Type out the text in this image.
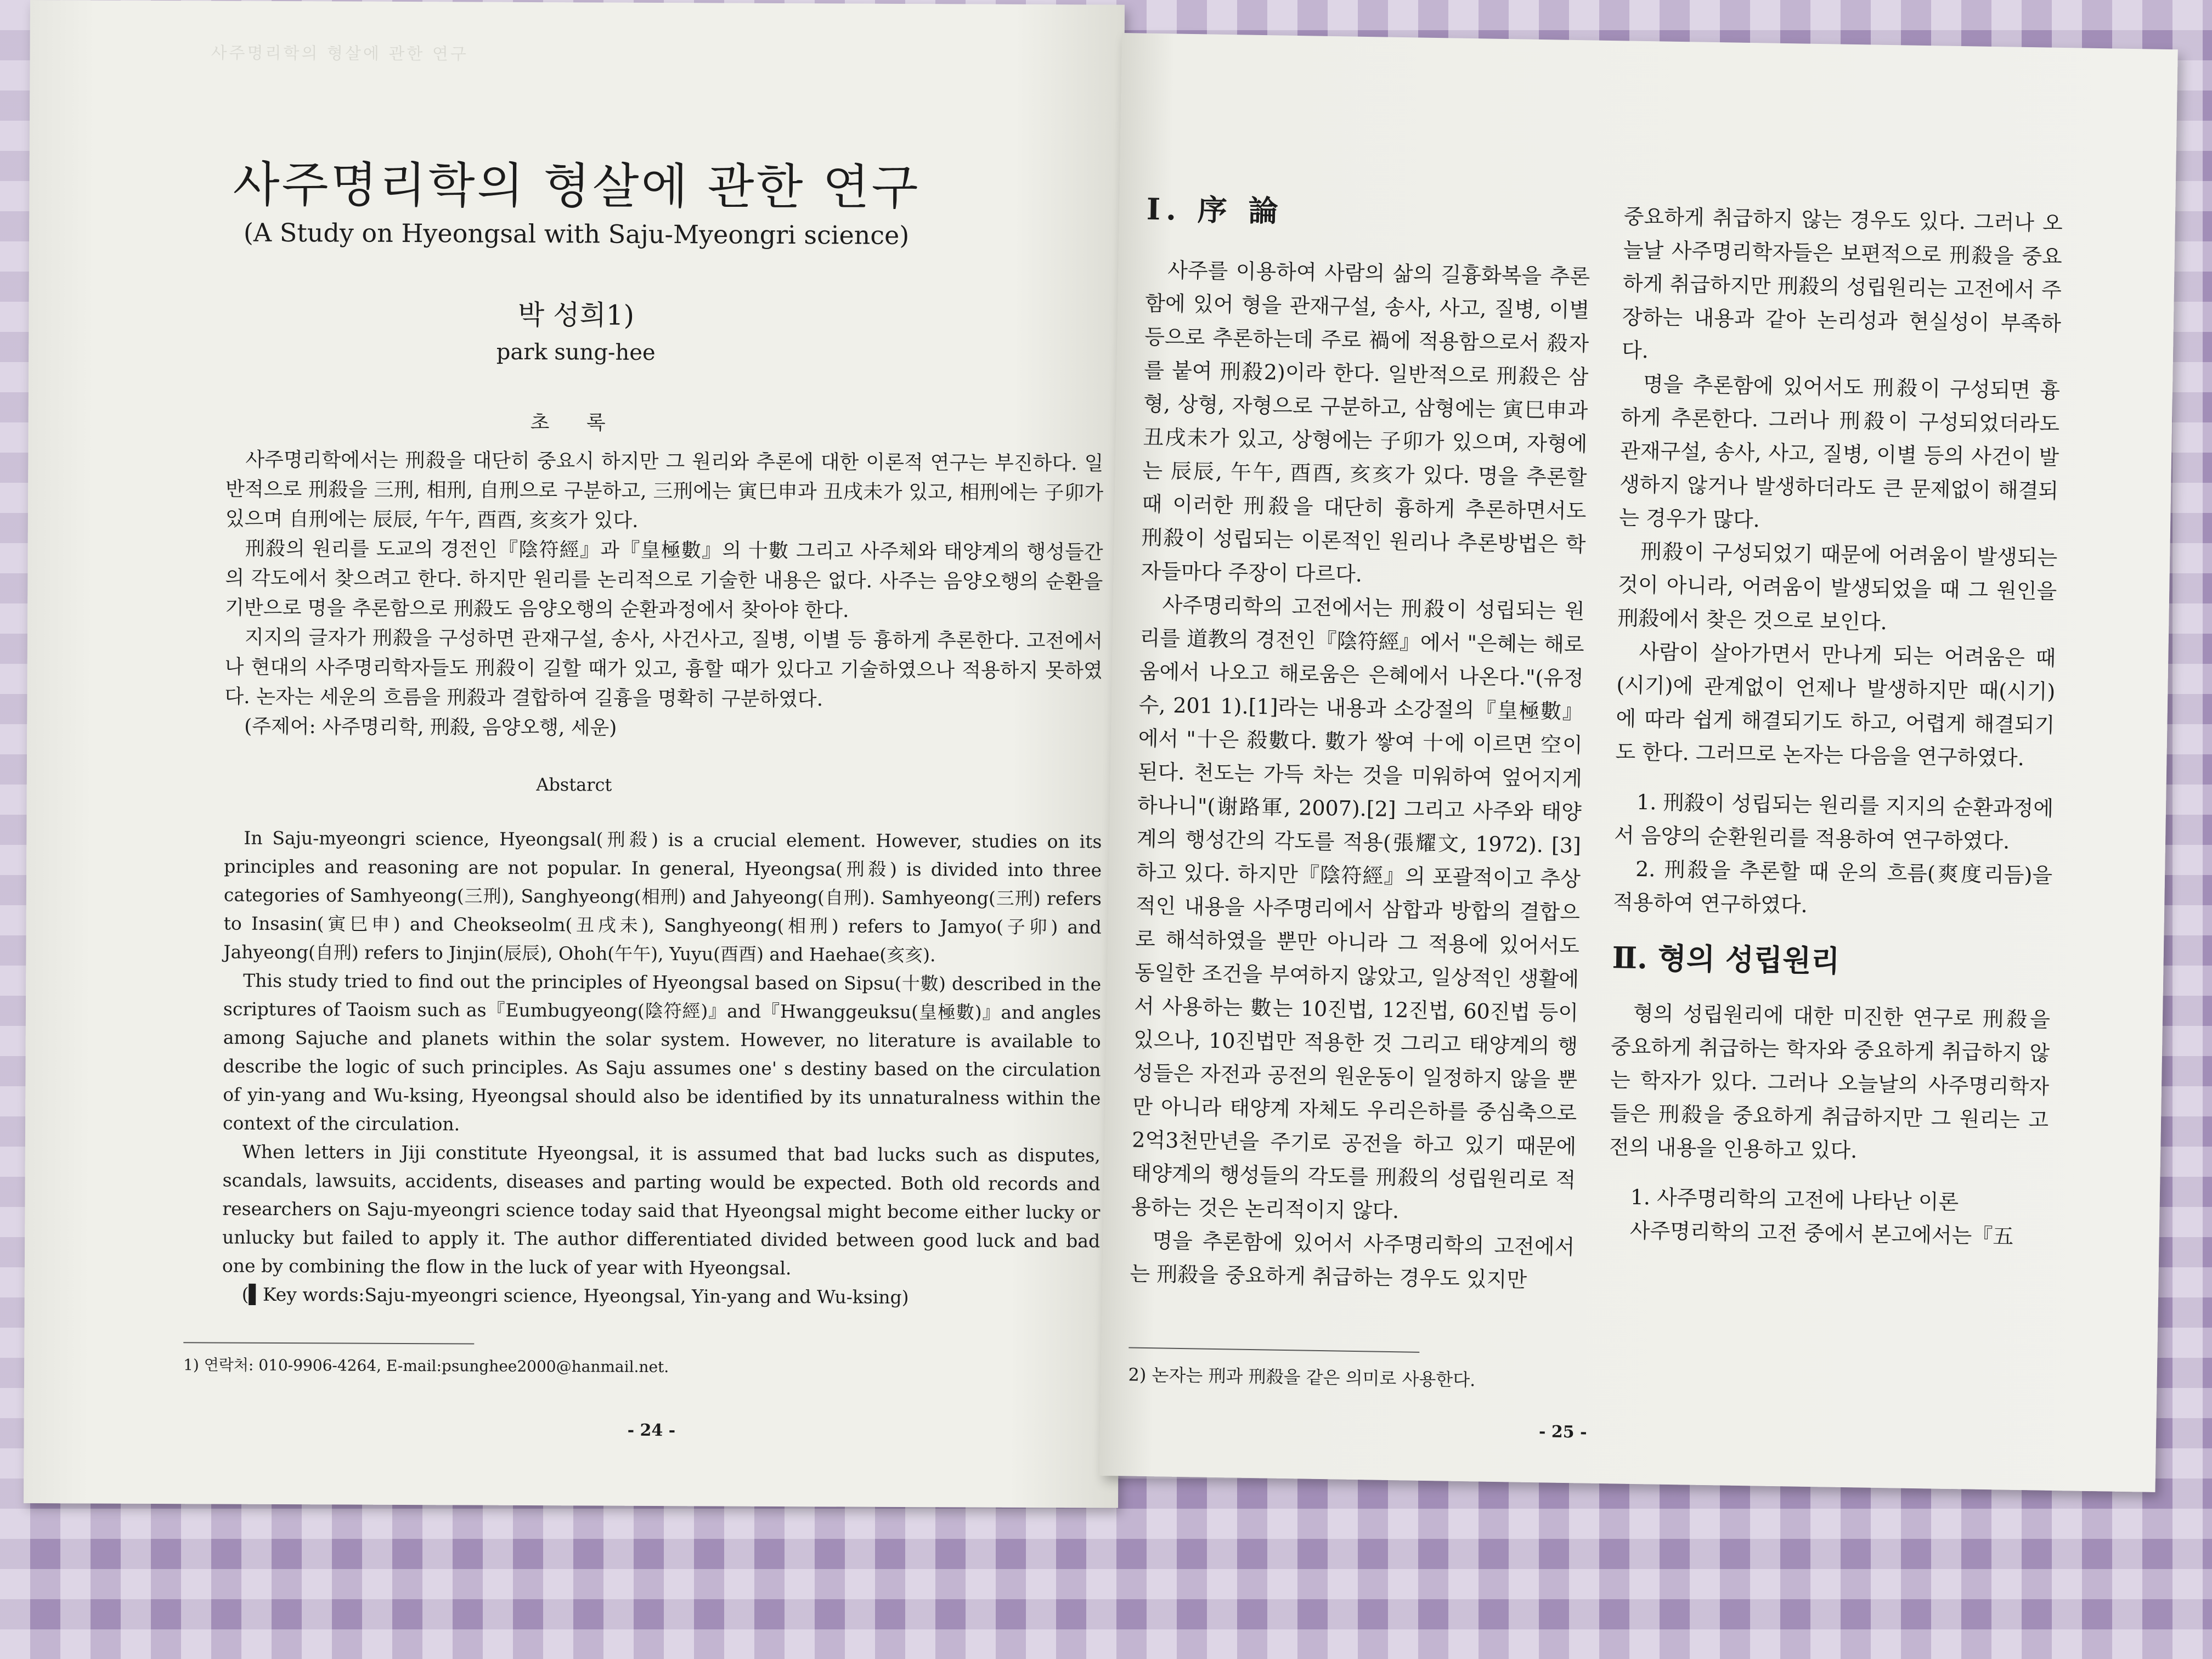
사주명리학의 형살에 관한 연구
사주명리학의 형살에 관한 연구
(A Study on Hyeongsal with Saju-Myeongri science)
박 성희1)
park sung-hee
초 록

사주명리학에서는 刑殺을 대단히 중요시 하지만 그 원리와 추론에 대한 이론적 연구는 부진하다. 일반적으로 刑殺을 三刑, 相刑, 自刑으로 구분하고, 三刑에는 寅巳申과 丑戌未가 있고, 相刑에는 子卯가 있으며 自刑에는 辰辰, 午午, 酉酉, 亥亥가 있다.

刑殺의 원리를 도교의 경전인『陰符經』과『皇極數』의 十數 그리고 사주체와 태양계의 행성들간의 각도에서 찾으려고 한다. 하지만 원리를 논리적으로 기술한 내용은 없다. 사주는 음양오행의 순환을 기반으로 명을 추론함으로 刑殺도 음양오행의 순환과정에서 찾아야 한다.

지지의 글자가 刑殺을 구성하면 관재구설, 송사, 사건사고, 질병, 이별 등 흉하게 추론한다. 고전에서나 현대의 사주명리학자들도 刑殺이 길할 때가 있고, 흉할 때가 있다고 기술하였으나 적용하지 못하였다. 논자는 세운의 흐름을 刑殺과 결합하여 길흉을 명확히 구분하였다.

(주제어: 사주명리학, 刑殺, 음양오행, 세운)

Abstarct

In Saju-myeongri science, Hyeongsal(刑殺) is a crucial element. However, studies on its principles and reasoning are not popular. In general, Hyeongsa(刑殺) is divided into three categories of Samhyeong(三刑), Sanghyeong(相刑) and Jahyeong(自刑). Samhyeong(三刑) refers to Insasin(寅巳申) and Cheokseolm(丑戌未), Sanghyeong(相刑) refers to Jamyo(子卯) and Jahyeong(自刑) refers to Jinjin(辰辰), Ohoh(午午), Yuyu(酉酉) and Haehae(亥亥).

This study tried to find out the principles of Hyeongsal based on Sipsu(十數) described in the scriptures of Taoism such as『Eumbugyeong(陰符經)』and『Hwanggeuksu(皇極數)』and angles among Sajuche and planets within the solar system. However, no literature is available to describe the logic of such principles. As Saju assumes one' s destiny based on the circulation of yin-yang and Wu-ksing, Hyeongsal should also be identified by its unnaturalness within the context of the circulation.

When letters in Jiji constitute Hyeongsal, it is assumed that bad lucks such as disputes, scandals, lawsuits, accidents, diseases and parting would be expected. Both old records and researchers on Saju-myeongri science today said that Hyeongsal might become either lucky or unlucky but failed to apply it. The author differentiated divided between good luck and bad one by combining the flow in the luck of year with Hyeongsal.

(▌Key words:Saju-myeongri science, Hyeongsal, Yin-yang and Wu-ksing)

1) 연락처: 010-9906-4264, E-mail:psunghee2000@hanmail.net.
- 24 -
Ⅰ. 序 論

사주를 이용하여 사람의 삶의 길흉화복을 추론함에 있어 형을 관재구설, 송사, 사고, 질병, 이별 등으로 추론하는데 주로 禍에 적용함으로서 殺자를 붙여 刑殺2)이라 한다. 일반적으로 刑殺은 삼형, 상형, 자형으로 구분하고, 삼형에는 寅巳申과 丑戌未가 있고, 상형에는 子卯가 있으며, 자형에는 辰辰, 午午, 酉酉, 亥亥가 있다. 명을 추론할 때 이러한 刑殺을 대단히 흉하게 추론하면서도 刑殺이 성립되는 이론적인 원리나 추론방법은 학자들마다 주장이 다르다.

사주명리학의 고전에서는 刑殺이 성립되는 원리를 道教의 경전인『陰符經』에서 "은혜는 해로움에서 나오고 해로움은 은혜에서 나온다."(유정수, 201 1).[1]라는 내용과 소강절의『皇極數』에서 "十은 殺數다. 數가 쌓여 十에 이르면 空이 된다. 천도는 가득 차는 것을 미워하여 엎어지게 하나니"(谢路軍, 2007).[2] 그리고 사주와 태양계의 행성간의 각도를 적용(張耀文, 1972). [3]하고 있다. 하지만『陰符經』의 포괄적이고 추상적인 내용을 사주명리에서 삼합과 방합의 결합으로 해석하였을 뿐만 아니라 그 적용에 있어서도 동일한 조건을 부여하지 않았고, 일상적인 생활에서 사용하는 數는 10진법, 12진법, 60진법 등이 있으나, 10진법만 적용한 것 그리고 태양계의 행성들은 자전과 공전의 원운동이 일정하지 않을 뿐만 아니라 태양계 자체도 우리은하를 중심축으로 2억3천만년을 주기로 공전을 하고 있기 때문에 태양계의 행성들의 각도를 刑殺의 성립원리로 적용하는 것은 논리적이지 않다.

명을 추론함에 있어서 사주명리학의 고전에서는 刑殺을 중요하게 취급하는 경우도 있지만

2) 논자는 刑과 刑殺을 같은 의미로 사용한다.

중요하게 취급하지 않는 경우도 있다. 그러나 오늘날 사주명리학자들은 보편적으로 刑殺을 중요하게 취급하지만 刑殺의 성립원리는 고전에서 주장하는 내용과 같아 논리성과 현실성이 부족하다.

명을 추론함에 있어서도 刑殺이 구성되면 흉하게 추론한다. 그러나 刑殺이 구성되었더라도 관재구설, 송사, 사고, 질병, 이별 등의 사건이 발생하지 않거나 발생하더라도 큰 문제없이 해결되는 경우가 많다.

刑殺이 구성되었기 때문에 어려움이 발생되는 것이 아니라, 어려움이 발생되었을 때 그 원인을 刑殺에서 찾은 것으로 보인다.

사람이 살아가면서 만나게 되는 어려움은 때(시기)에 관계없이 언제나 발생하지만 때(시기)에 따라 쉽게 해결되기도 하고, 어렵게 해결되기도 한다. 그러므로 논자는 다음을 연구하였다.

1. 刑殺이 성립되는 원리를 지지의 순환과정에서 음양의 순환원리를 적용하여 연구하였다.

2. 刑殺을 추론할 때 운의 흐름(爽度리듬)을 적용하여 연구하였다.

Ⅱ. 형의 성립원리

형의 성립원리에 대한 미진한 연구로 刑殺을 중요하게 취급하는 학자와 중요하게 취급하지 않는 학자가 있다. 그러나 오늘날의 사주명리학자들은 刑殺을 중요하게 취급하지만 그 원리는 고전의 내용을 인용하고 있다.

1. 사주명리학의 고전에 나타난 이론

사주명리학의 고전 중에서 본고에서는『五

- 25 -
